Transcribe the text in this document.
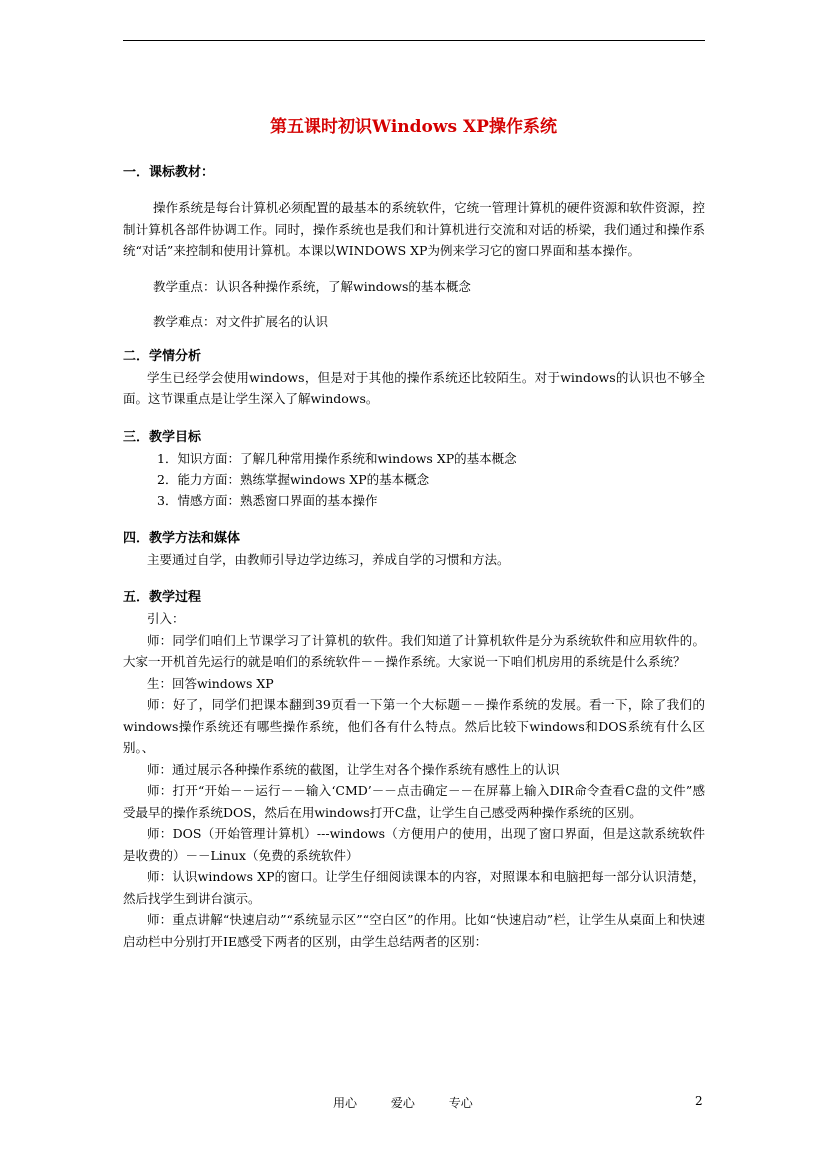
第五课时初识Windows XP操作系统

一．课标教材：

操作系统是每台计算机必须配置的最基本的系统软件，它统一管理计算机的硬件资源和软件资源，控制计算机各部件协调工作。同时，操作系统也是我们和计算机进行交流和对话的桥梁，我们通过和操作系统“对话”来控制和使用计算机。本课以WINDOWS XP为例来学习它的窗口界面和基本操作。

教学重点：认识各种操作系统，了解windows的基本概念

教学难点：对文件扩展名的认识

二．学情分析

学生已经学会使用windows，但是对于其他的操作系统还比较陌生。对于windows的认识也不够全面。这节课重点是让学生深入了解windows。

三．教学目标

1．知识方面：了解几种常用操作系统和windows XP的基本概念

2．能力方面：熟练掌握windows XP的基本概念

3．情感方面：熟悉窗口界面的基本操作

四．教学方法和媒体

主要通过自学，由教师引导边学边练习，养成自学的习惯和方法。

五．教学过程

引入：

师：同学们咱们上节课学习了计算机的软件。我们知道了计算机软件是分为系统软件和应用软件的。大家一开机首先运行的就是咱们的系统软件－－操作系统。大家说一下咱们机房用的系统是什么系统？

生：回答windows XP

师：好了，同学们把课本翻到39页看一下第一个大标题－－操作系统的发展。看一下，除了我们的windows操作系统还有哪些操作系统，他们各有什么特点。然后比较下windows和DOS系统有什么区别。、

师：通过展示各种操作系统的截图，让学生对各个操作系统有感性上的认识

师：打开“开始－－运行－－输入‘CMD’－－点击确定－－在屏幕上输入DIR命令查看C盘的文件”感受最早的操作系统DOS，然后在用windows打开C盘，让学生自己感受两种操作系统的区别。

师：DOS（开始管理计算机）---windows（方便用户的使用，出现了窗口界面，但是这款系统软件是收费的）－－Linux（免费的系统软件）

师：认识windows XP的窗口。让学生仔细阅读课本的内容，对照课本和电脑把每一部分认识清楚，然后找学生到讲台演示。

师：重点讲解“快速启动”“系统显示区”“空白区”的作用。比如“快速启动”栏，让学生从桌面上和快速启动栏中分别打开IE感受下两者的区别，由学生总结两者的区别：

用心	爱心	专心	2
